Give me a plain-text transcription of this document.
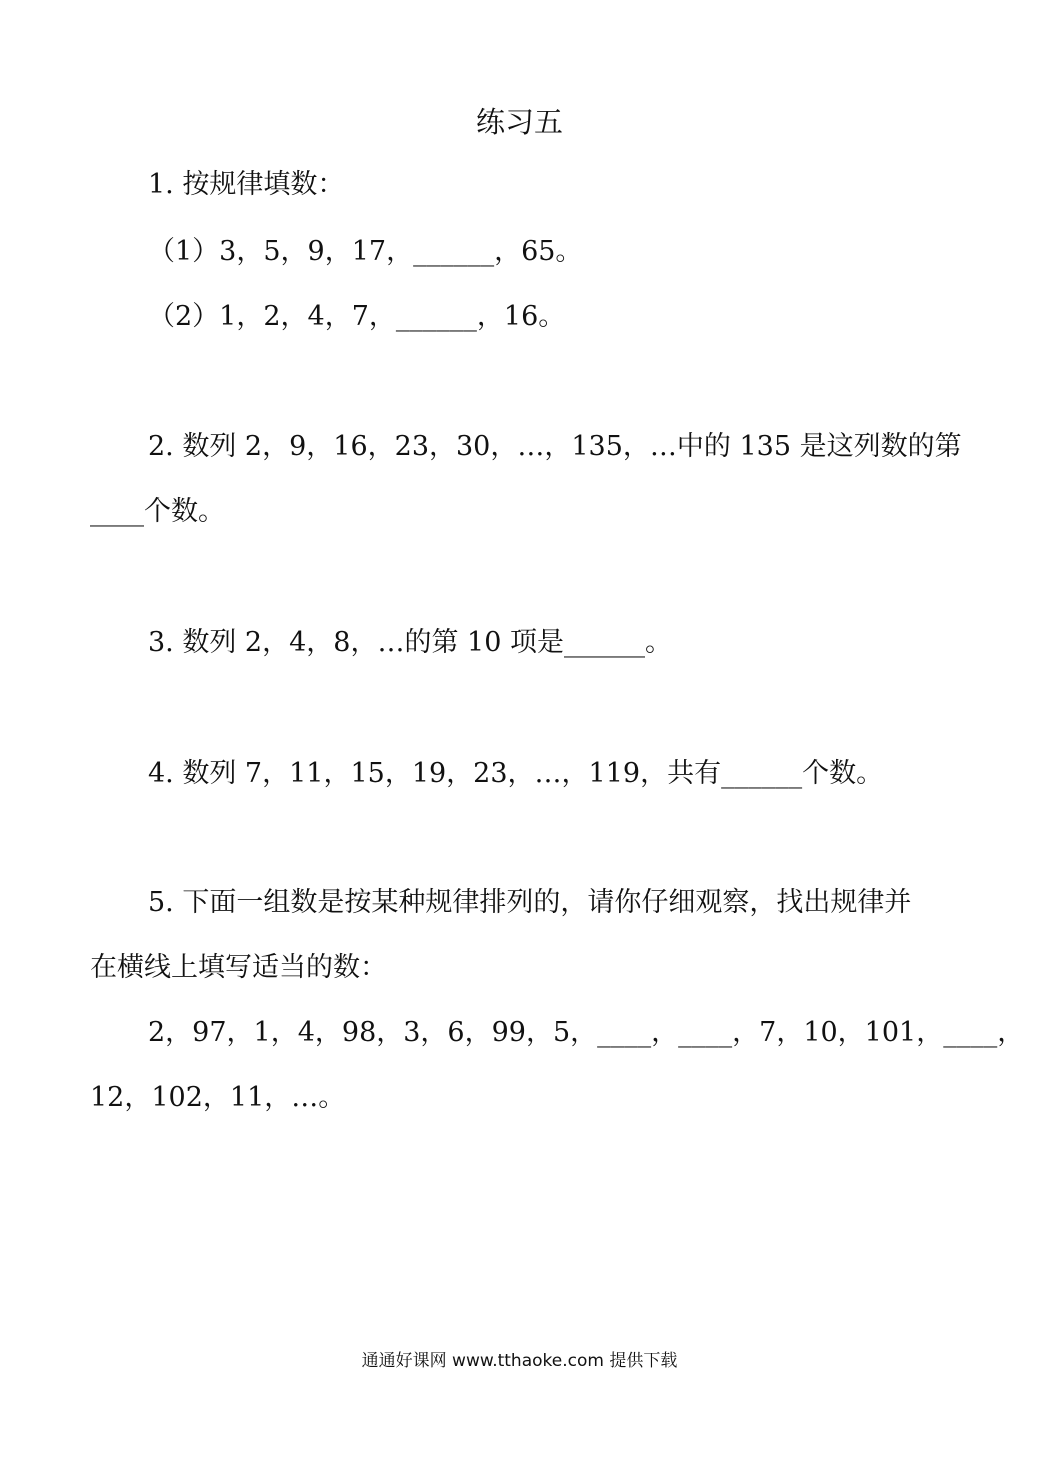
练习五
1. 按规律填数：
（1）3，5，9，17，______，65。
（2）1，2，4，7，______，16。
2. 数列 2，9，16，23，30，…，135，…中的 135 是这列数的第
____个数。
3. 数列 2，4，8，…的第 10 项是______。
4. 数列 7，11，15，19，23，…，119，共有______个数。
5. 下面一组数是按某种规律排列的，请你仔细观察，找出规律并
在横线上填写适当的数：
2，97，1，4，98，3，6，99，5，____，____，7，10，101，____，
12，102，11，…。
通通好课网 www.tthaoke.com 提供下载
